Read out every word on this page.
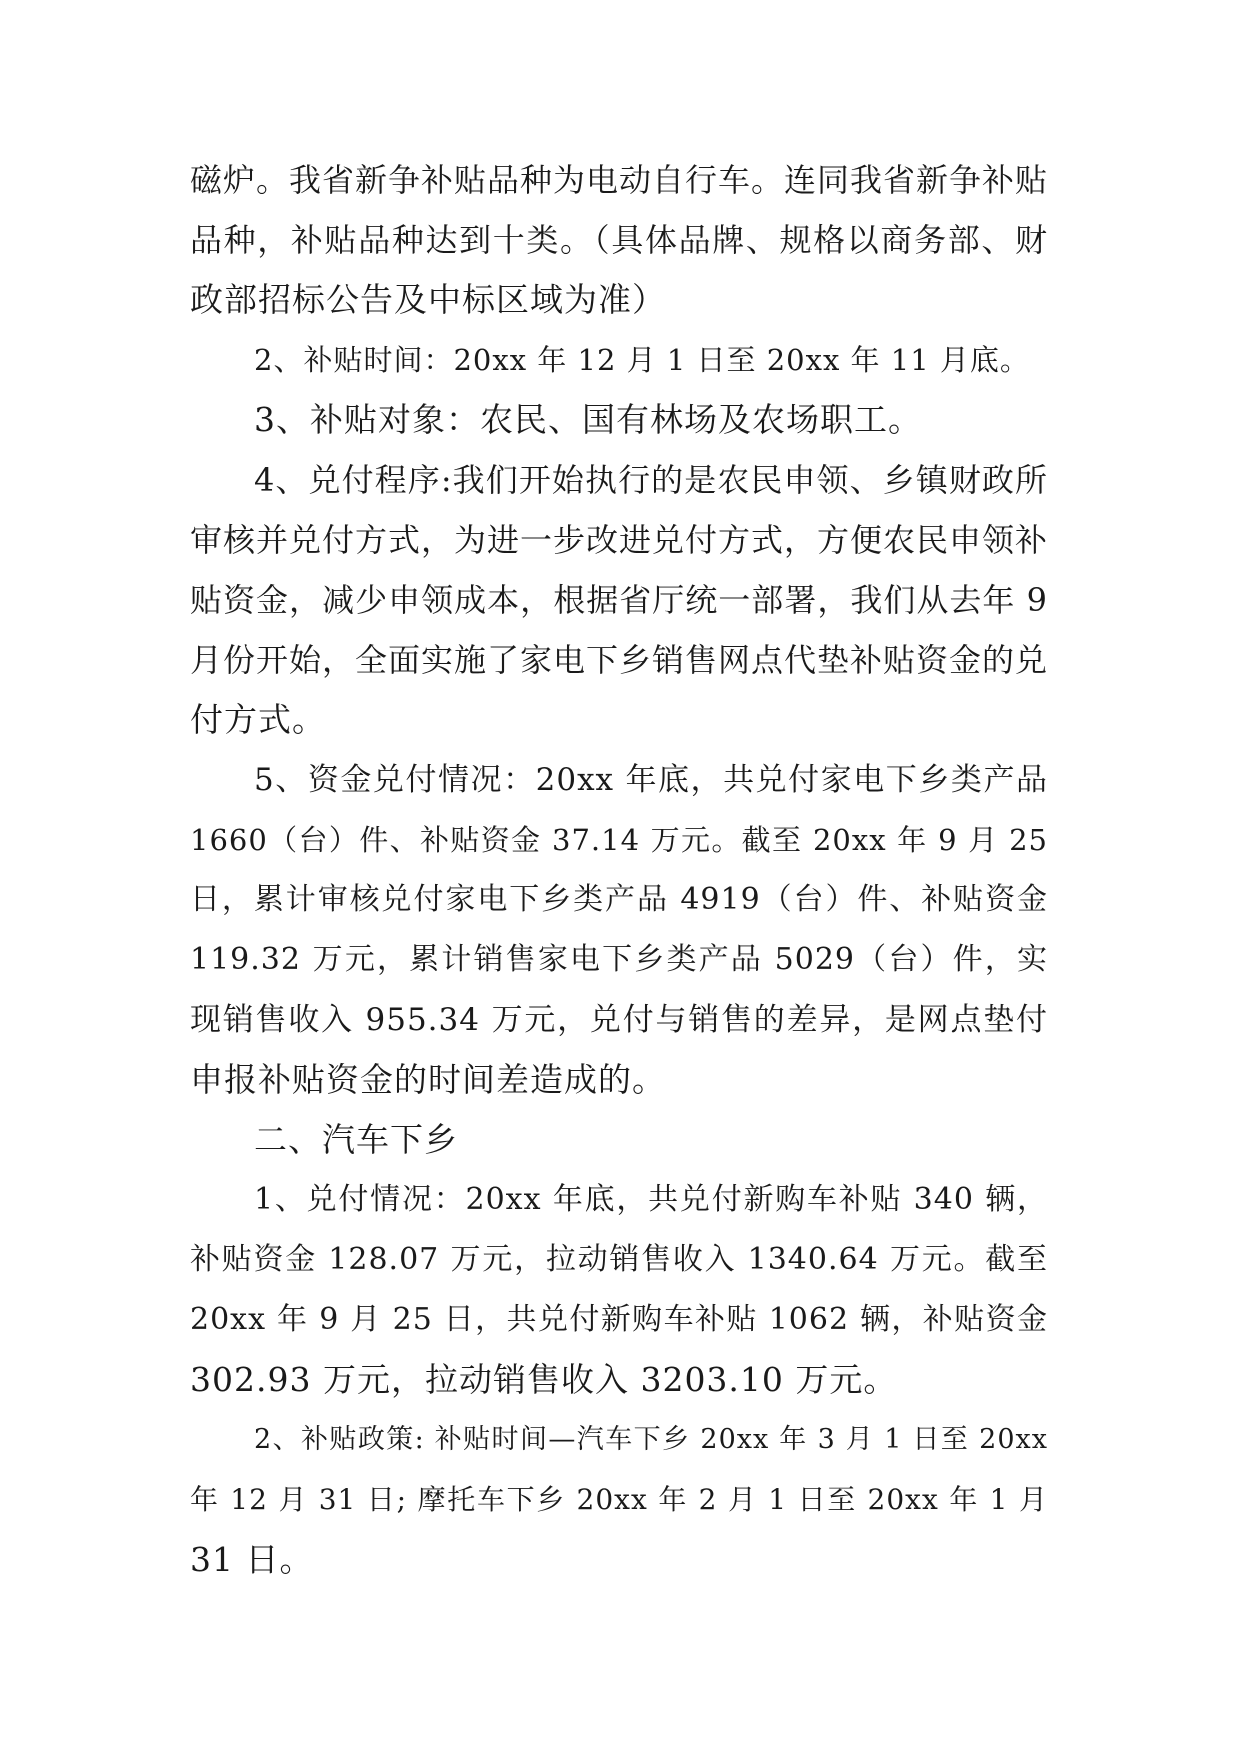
磁炉。我省新争补贴品种为电动自行车。连同我省新争补贴
品种，补贴品种达到十类。（具体品牌、规格以商务部、财
政部招标公告及中标区域为准）
2、补贴时间：20xx 年 12 月 1 日至 20xx 年 11 月底。
3、补贴对象：农民、国有林场及农场职工。
4、兑付程序:我们开始执行的是农民申领、乡镇财政所
审核并兑付方式，为进一步改进兑付方式，方便农民申领补
贴资金，减少申领成本，根据省厅统一部署，我们从去年 9
月份开始，全面实施了家电下乡销售网点代垫补贴资金的兑
付方式。
5、资金兑付情况：20xx 年底，共兑付家电下乡类产品
1660（台）件、补贴资金 37.14 万元。截至 20xx 年 9 月 25
日，累计审核兑付家电下乡类产品 4919（台）件、补贴资金
119.32 万元，累计销售家电下乡类产品 5029（台）件，实
现销售收入 955.34 万元，兑付与销售的差异，是网点垫付
申报补贴资金的时间差造成的。
二、汽车下乡
1、兑付情况：20xx 年底，共兑付新购车补贴 340 辆，
补贴资金 128.07 万元，拉动销售收入 1340.64 万元。截至
20xx 年 9 月 25 日，共兑付新购车补贴 1062 辆，补贴资金
302.93 万元，拉动销售收入 3203.10 万元。
2、补贴政策: 补贴时间—汽车下乡 20xx 年 3 月 1 日至 20xx
年 12 月 31 日; 摩托车下乡 20xx 年 2 月 1 日至 20xx 年 1 月
31 日。
